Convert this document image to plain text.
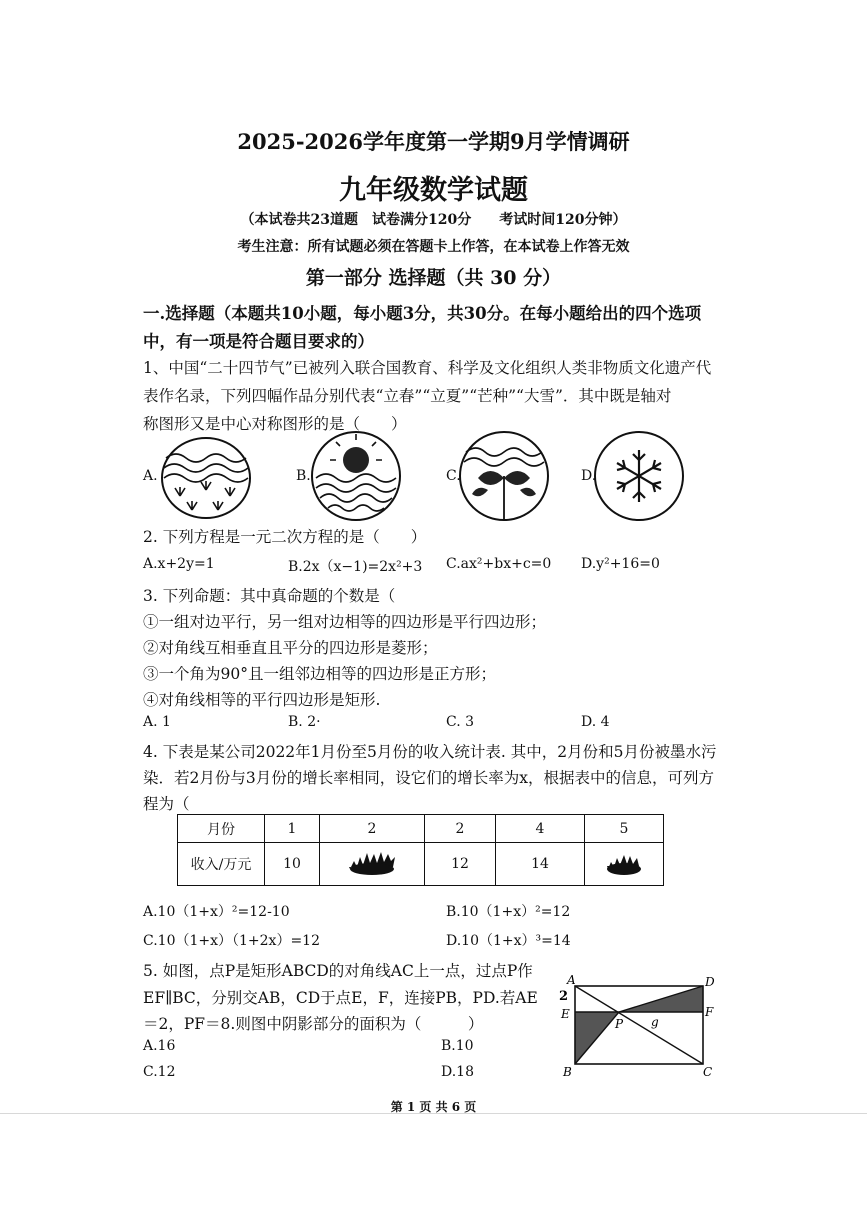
2025-2026学年度第一学期9月学情调研
九年级数学试题
（本试卷共23道题　试卷满分120分　　考试时间120分钟）
考生注意：所有试题必须在答题卡上作答，在本试卷上作答无效
第一部分 选择题（共 30 分）
一.选择题（本题共10小题，每小题3分，共30分。在每小题给出的四个选项
中，有一项是符合题目要求的）
1、中国“二十四节气”已被列入联合国教育、科学及文化组织人类非物质文化遗产代
表作名录，下列四幅作品分别代表“立春”“立夏”“芒种”“大雪”．其中既是轴对
称图形又是中心对称图形的是（　　）
A.	B.	C.	D.
2. 下列方程是一元二次方程的是（　　）
A.x+2y=1	B.2x（x−1)=2x²+3 C.ax²+bx+c=0 D.y²+16=0
3. 下列命题：其中真命题的个数是（
①一组对边平行，另一组对边相等的四边形是平行四边形；
②对角线互相垂直且平分的四边形是菱形；
③一个角为90°且一组邻边相等的四边形是正方形；
④对角线相等的平行四边形是矩形.
A. 1	B. 2·	C. 3	D. 4
4. 下表是某公司2022年1月份至5月份的收入统计表. 其中，2月份和5月份被墨水污
染．若2月份与3月份的增长率相同，设它们的增长率为x，根据表中的信息，可列方
程为（
月份	1	2	2	4	5
收入/万元	10		12	14	
A.10（1+x）²=12-10	B.10（1+x）²=12
C.10（1+x）（1+2x）=12	D.10（1+x）³=14
5. 如图，点P是矩形ABCD的对角线AC上一点，过点P作
EF∥BC，分别交AB，CD于点E，F，连接PB，PD.若AE
＝2，PF＝8.则图中阴影部分的面积为（　　　）
A.16	B.10
C.12	D.18
A	D
B	C
E	F
P g
2
第 1 页 共 6 页
